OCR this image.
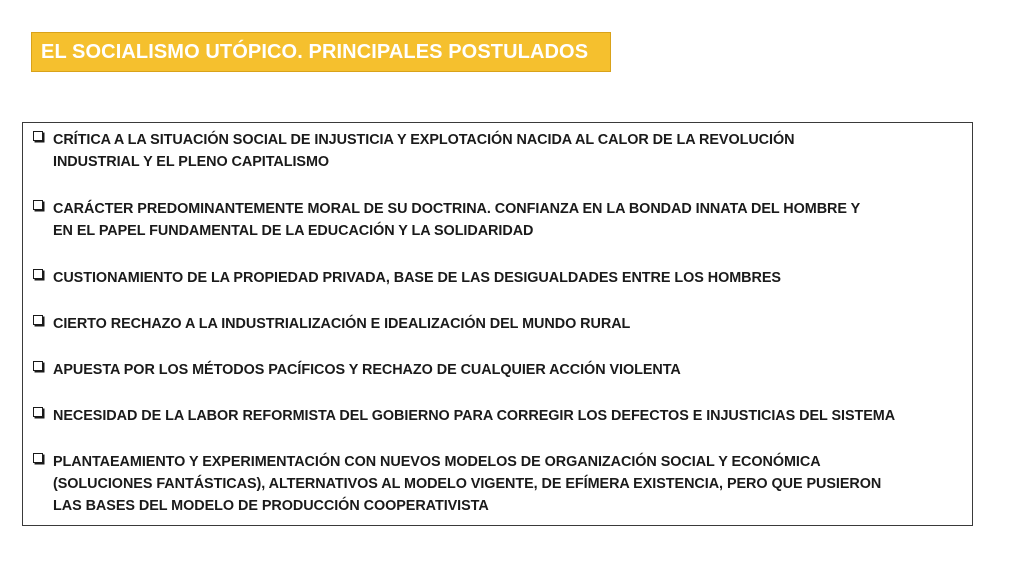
EL SOCIALISMO UTÓPICO. PRINCIPALES POSTULADOS
CRÍTICA A LA SITUACIÓN SOCIAL DE INJUSTICIA Y EXPLOTACIÓN NACIDA AL CALOR DE LA REVOLUCIÓN
INDUSTRIAL Y EL PLENO CAPITALISMO
CARÁCTER PREDOMINANTEMENTE MORAL DE SU DOCTRINA. CONFIANZA EN LA BONDAD INNATA DEL HOMBRE Y
EN EL PAPEL FUNDAMENTAL DE LA EDUCACIÓN Y LA SOLIDARIDAD
CUSTIONAMIENTO DE LA PROPIEDAD PRIVADA, BASE DE LAS DESIGUALDADES ENTRE LOS HOMBRES
CIERTO RECHAZO A LA INDUSTRIALIZACIÓN E IDEALIZACIÓN DEL MUNDO RURAL
APUESTA POR LOS MÉTODOS PACÍFICOS Y RECHAZO DE CUALQUIER ACCIÓN VIOLENTA
NECESIDAD DE LA LABOR REFORMISTA DEL GOBIERNO PARA CORREGIR LOS DEFECTOS E INJUSTICIAS DEL SISTEMA
PLANTAEAMIENTO Y EXPERIMENTACIÓN CON NUEVOS MODELOS DE ORGANIZACIÓN SOCIAL Y ECONÓMICA
(SOLUCIONES FANTÁSTICAS), ALTERNATIVOS AL MODELO VIGENTE, DE EFÍMERA EXISTENCIA, PERO QUE PUSIERON
LAS BASES DEL MODELO DE PRODUCCIÓN COOPERATIVISTA
